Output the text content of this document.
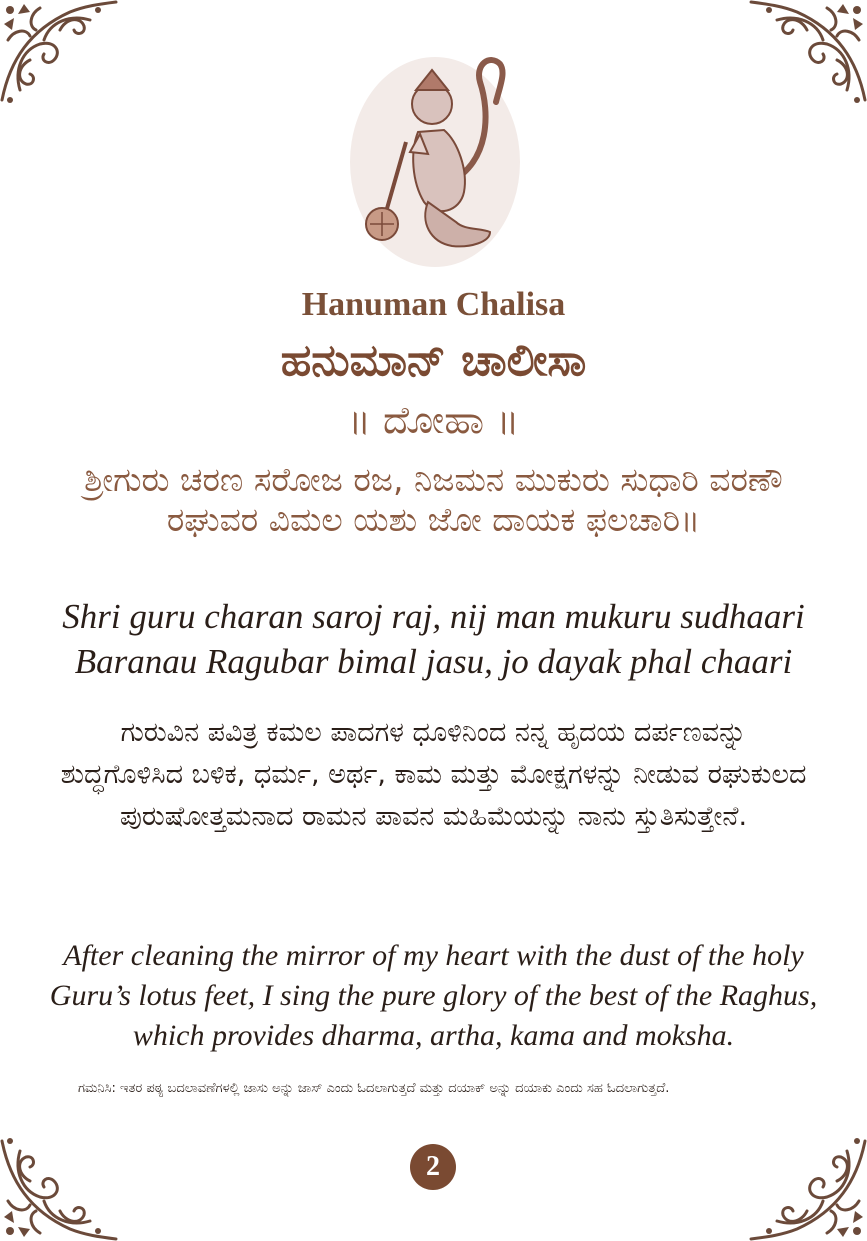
Hanuman Chalisa
ಹನುಮಾನ್ ಚಾಲೀಸಾ
॥ ದೋಹಾ ॥
ಶ್ರೀಗುರು ಚರಣ ಸರೋಜ ರಜ, ನಿಜಮನ ಮುಕುರು ಸುಧಾರಿ ವರಣೌ ರಘುವರ ವಿಮಲ ಯಶು ಜೋ ದಾಯಕ ಫಲಚಾರಿ॥
Shri guru charan saroj raj, nij man mukuru sudhaari
Baranau Ragubar bimal jasu, jo dayak phal chaari
ಗುರುವಿನ ಪವಿತ್ರ ಕಮಲ ಪಾದಗಳ ಧೂಳಿನಿಂದ ನನ್ನ ಹೃದಯ ದರ್ಪಣವನ್ನು ಶುದ್ಧಗೊಳಿಸಿದ ಬಳಿಕ, ಧರ್ಮ, ಅರ್ಥ, ಕಾಮ ಮತ್ತು ಮೋಕ್ಷಗಳನ್ನು ನೀಡುವ ರಘುಕುಲದ ಪುರುಷೋತ್ತಮನಾದ ರಾಮನ ಪಾವನ ಮಹಿಮೆಯನ್ನು ನಾನು ಸ್ತುತಿಸುತ್ತೇನೆ.
After cleaning the mirror of my heart with the dust of the holy Guru’s lotus feet, I sing the pure glory of the best of the Raghus, which provides dharma, artha, kama and moksha.
ಗಮನಿಸಿ: ಇತರ ಪಠ್ಯ ಬದಲಾವಣೆಗಳಲ್ಲಿ ಜಾಸು ಅನ್ನು ಜಾಸ್ ಎಂದು ಓದಲಾಗುತ್ತದೆ ಮತ್ತು ದಯಾಕ್ ಅನ್ನು ದಯಾಕು ಎಂದು ಸಹ ಓದಲಾಗುತ್ತದೆ.
2
